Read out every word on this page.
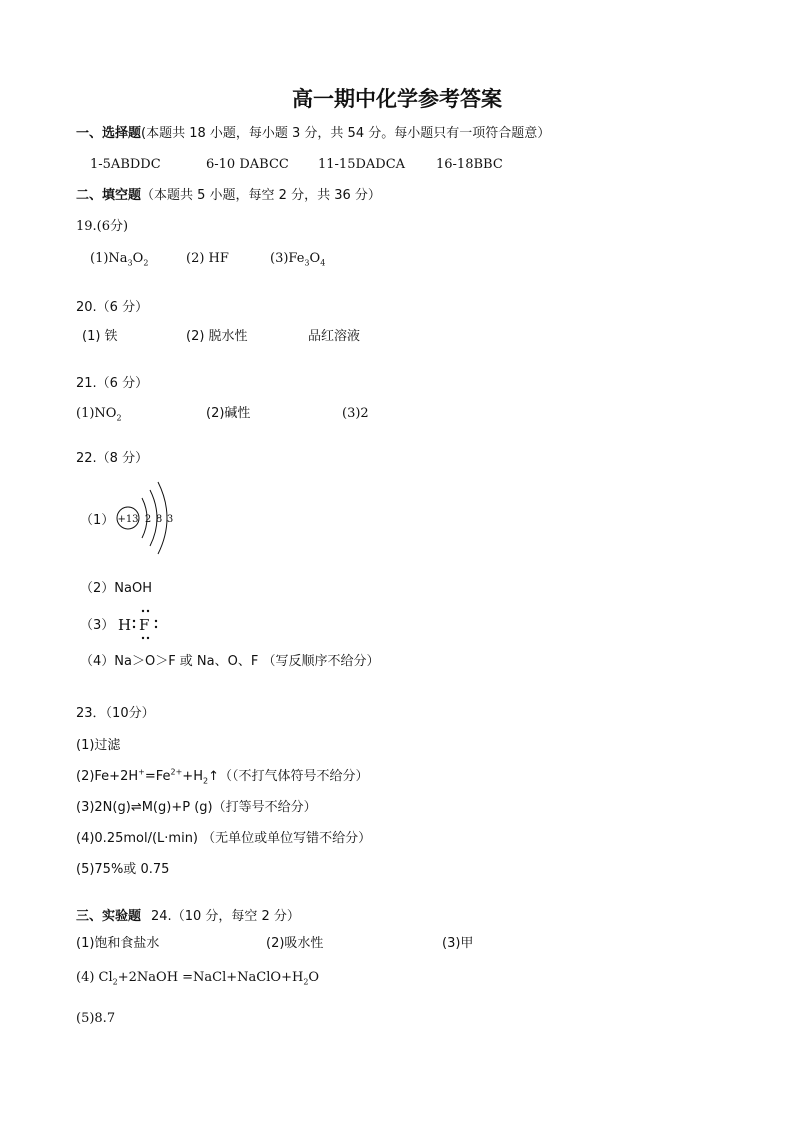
高一期中化学参考答案
一、选择题(本题共 18 小题，每小题 3 分，共 54 分。每小题只有一项符合题意）
1-5ABDDC	6-10 DABCC 11-15DADCA 16-18BBC
二、填空题（本题共 5 小题，每空 2 分，共 36 分）
19.(6分)
$(1)Na_3O_2$	(2) HF	$(3)Fe_3O_4$
20.（6 分）
(1) 铁	(2) 脱水性	品红溶液
21.（6 分）
$(1)NO_2$	(2)碱性	(3)2
22.（8 分）
（1） +13 2 8 3
（2）NaOH
（3） H F
（4）Na＞O＞F 或 Na、O、F （写反顺序不给分）
23．（10分）
(1)过滤
$(2)Fe+2H^+=Fe^{2+}+H_2↑$（（不打气体符号不给分）
(3)2N(g)⇌M(g)+P (g)（打等号不给分）
(4)0.25mol/(L·min) （无单位或单位写错不给分）
(5)75%或 0.75
三、实验题 24.（10 分，每空 2 分）
(1)饱和食盐水	(2)吸水性	(3)甲
(4) $Cl_2+2NaOH$ $=NaCl+NaClO+H_2O$
(5)8.7
